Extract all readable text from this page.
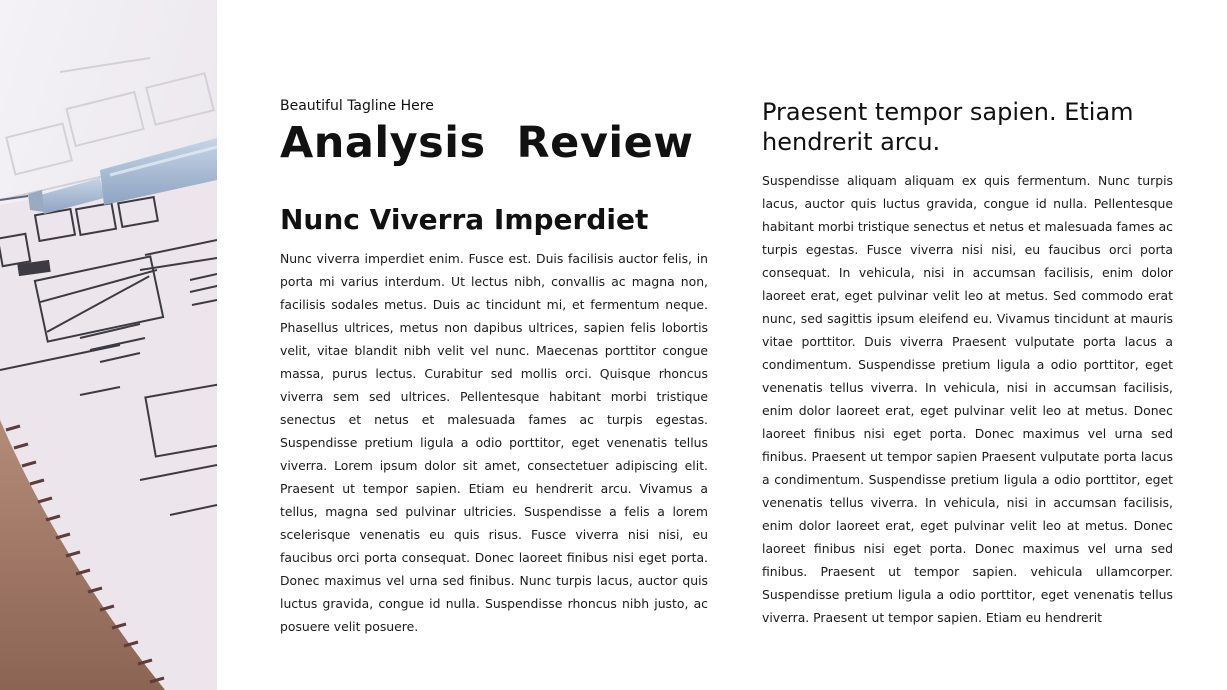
Beautiful Tagline Here
Analysis  Review
Nunc Viverra Imperdiet
Nunc viverra imperdiet enim. Fusce est. Duis facilisis auctor felis, in porta mi varius interdum. Ut lectus nibh, convallis ac magna non, facilisis sodales metus. Duis ac tincidunt mi, et fermentum neque. Phasellus ultrices, metus non dapibus ultrices, sapien felis lobortis velit, vitae blandit nibh velit vel nunc. Maecenas porttitor congue massa, purus lectus. Curabitur sed mollis orci. Quisque rhoncus viverra sem sed ultrices. Pellentesque habitant morbi tristique senectus et netus et malesuada fames ac turpis egestas. Suspendisse pretium ligula a odio porttitor, eget venenatis tellus viverra. Lorem ipsum dolor sit amet, consectetuer adipiscing elit. Praesent ut tempor sapien. Etiam eu hendrerit arcu. Vivamus a tellus, magna sed pulvinar ultricies. Suspendisse a felis a lorem scelerisque venenatis eu quis risus. Fusce viverra nisi nisi, eu faucibus orci porta consequat. Donec laoreet finibus nisi eget porta. Donec maximus vel urna sed finibus. Nunc turpis lacus, auctor quis luctus gravida, congue id nulla. Suspendisse rhoncus nibh justo, ac posuere velit posuere.
Praesent tempor sapien. Etiam hendrerit arcu.
Suspendisse aliquam aliquam ex quis fermentum. Nunc turpis lacus, auctor quis luctus gravida, congue id nulla. Pellentesque habitant morbi tristique senectus et netus et malesuada fames ac turpis egestas. Fusce viverra nisi nisi, eu faucibus orci porta consequat. In vehicula, nisi in accumsan facilisis, enim dolor laoreet erat, eget pulvinar velit leo at metus. Sed commodo erat nunc, sed sagittis ipsum eleifend eu. Vivamus tincidunt at mauris vitae porttitor. Duis viverra Praesent vulputate porta lacus a condimentum. Suspendisse pretium ligula a odio porttitor, eget venenatis tellus viverra. In vehicula, nisi in accumsan facilisis, enim dolor laoreet erat, eget pulvinar velit leo at metus. Donec laoreet finibus nisi eget porta. Donec maximus vel urna sed finibus. Praesent ut tempor sapien Praesent vulputate porta lacus a condimentum. Suspendisse pretium ligula a odio porttitor, eget venenatis tellus viverra. In vehicula, nisi in accumsan facilisis, enim dolor laoreet erat, eget pulvinar velit leo at metus. Donec laoreet finibus nisi eget porta. Donec maximus vel urna sed finibus. Praesent ut tempor sapien. vehicula ullamcorper. Suspendisse pretium ligula a odio porttitor, eget venenatis tellus viverra. Praesent ut tempor sapien. Etiam eu hendrerit
